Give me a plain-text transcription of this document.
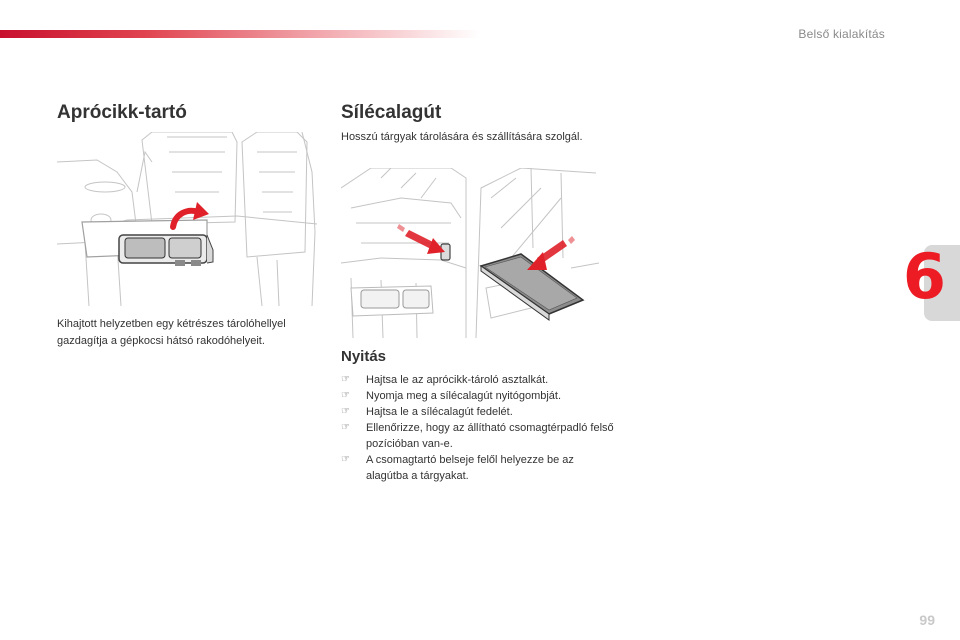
Belső kialakítás
6
Aprócikk-tartó

Kihajtott helyzetben egy kétrészes tárolóhellyel gazdagítja a gépkocsi hátsó rakodóhelyeit.

Sílécalagút

Hosszú tárgyak tárolására és szállítására szolgál.

Nyitás
☞ Hajtsa le az aprócikk-tároló asztalkát.
☞ Nyomja meg a sílécalagút nyitógombját.
☞ Hajtsa le a sílécalagút fedelét.
☞ Ellenőrizze, hogy az állítható csomagtérpadló felső pozícióban van-e.
☞ A csomagtartó belseje felől helyezze be az alagútba a tárgyakat.
99
